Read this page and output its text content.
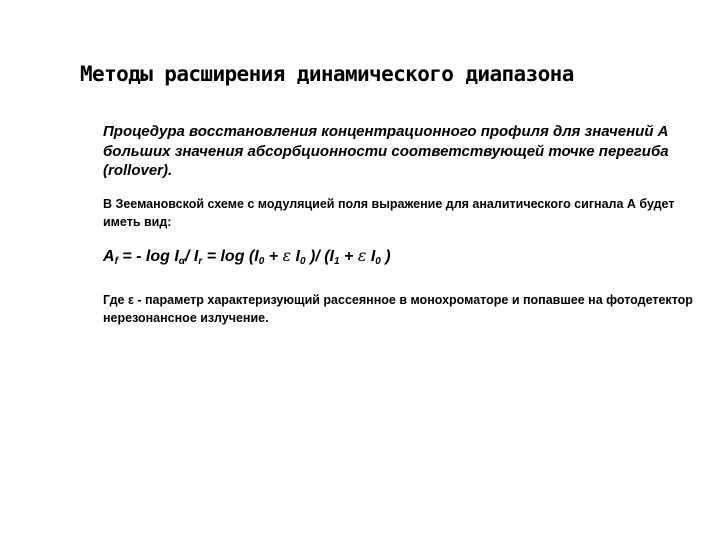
Методы расширения динамического диапазона
Процедура восстановления концентрационного профиля для значений А больших значения абсорбционности соответствующей точке перегиба (rollover).
В Зеемановской схеме с модуляцией поля выражение для аналитического сигнала А будет иметь вид:
$A_f$ = - $\log I_\alpha/$ $I_r = \log (I_0 + \varepsilon$ $I_0$ )/ ($I_1 + \varepsilon$ $I_0$ )
Где ε - параметр характеризующий рассеянное в монохроматоре и попавшее на фотодетектор нерезонансное излучение.
